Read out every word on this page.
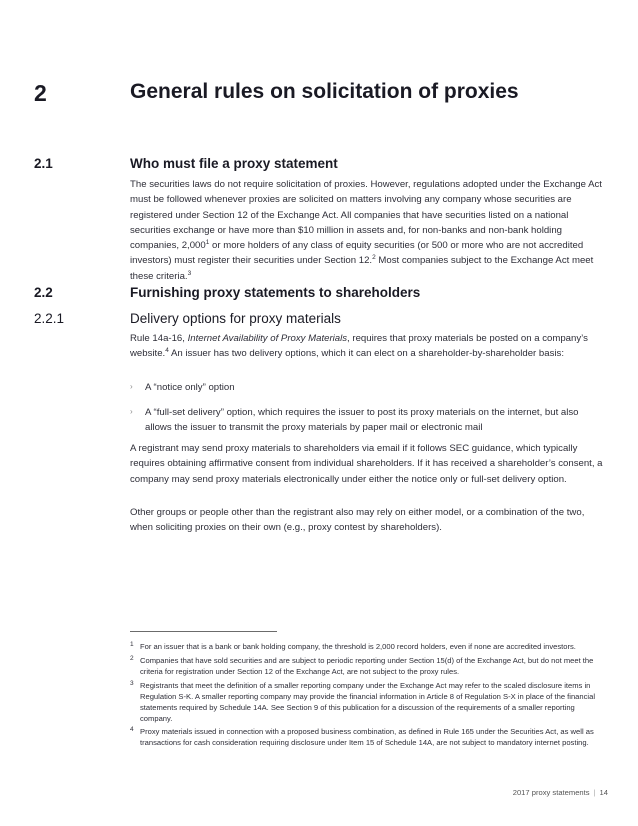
2	General rules on solicitation of proxies
2.1	Who must file a proxy statement

The securities laws do not require solicitation of proxies. However, regulations adopted under the Exchange Act must be followed whenever proxies are solicited on matters involving any company whose securities are registered under Section 12 of the Exchange Act. All companies that have securities listed on a national securities exchange or have more than $10 million in assets and, for non-banks and non-bank holding companies, 2,000$^1$ or more holders of any class of equity securities (or 500 or more who are not accredited investors) must register their securities under Section 12.$^2$ Most companies subject to the Exchange Act meet these criteria.$^3$

2.2	Furnishing proxy statements to shareholders
2.2.1	Delivery options for proxy materials

Rule 14a-16, Internet Availability of Proxy Materials, requires that proxy materials be posted on a company’s website.$^4$ An issuer has two delivery options, which it can elect on a shareholder-by-shareholder basis:

› A “notice only” option
› A “full-set delivery” option, which requires the issuer to post its proxy materials on the internet, but also allows the issuer to transmit the proxy materials by paper mail or electronic mail
A registrant may send proxy materials to shareholders via email if it follows SEC guidance, which typically requires obtaining affirmative consent from individual shareholders. If it has received a shareholder’s consent, a company may send proxy materials electronically under either the notice only or full-set delivery option.
Other groups or people other than the registrant also may rely on either model, or a combination of the two, when soliciting proxies on their own (e.g., proxy contest by shareholders).
1 For an issuer that is a bank or bank holding company, the threshold is 2,000 record holders, even if none are accredited investors.
2 Companies that have sold securities and are subject to periodic reporting under Section 15(d) of the Exchange Act, but do not meet the criteria for registration under Section 12 of the Exchange Act, are not subject to the proxy rules.
3 Registrants that meet the definition of a smaller reporting company under the Exchange Act may refer to the scaled disclosure items in Regulation S-K. A smaller reporting company may provide the financial information in Article 8 of Regulation S-X in place of the financial statements required by Schedule 14A. See Section 9 of this publication for a discussion of the requirements of a smaller reporting company.
4 Proxy materials issued in connection with a proposed business combination, as defined in Rule 165 under the Securities Act, as well as transactions for cash consideration requiring disclosure under Item 15 of Schedule 14A, are not subject to mandatory internet posting.
2017 proxy statements | 14
